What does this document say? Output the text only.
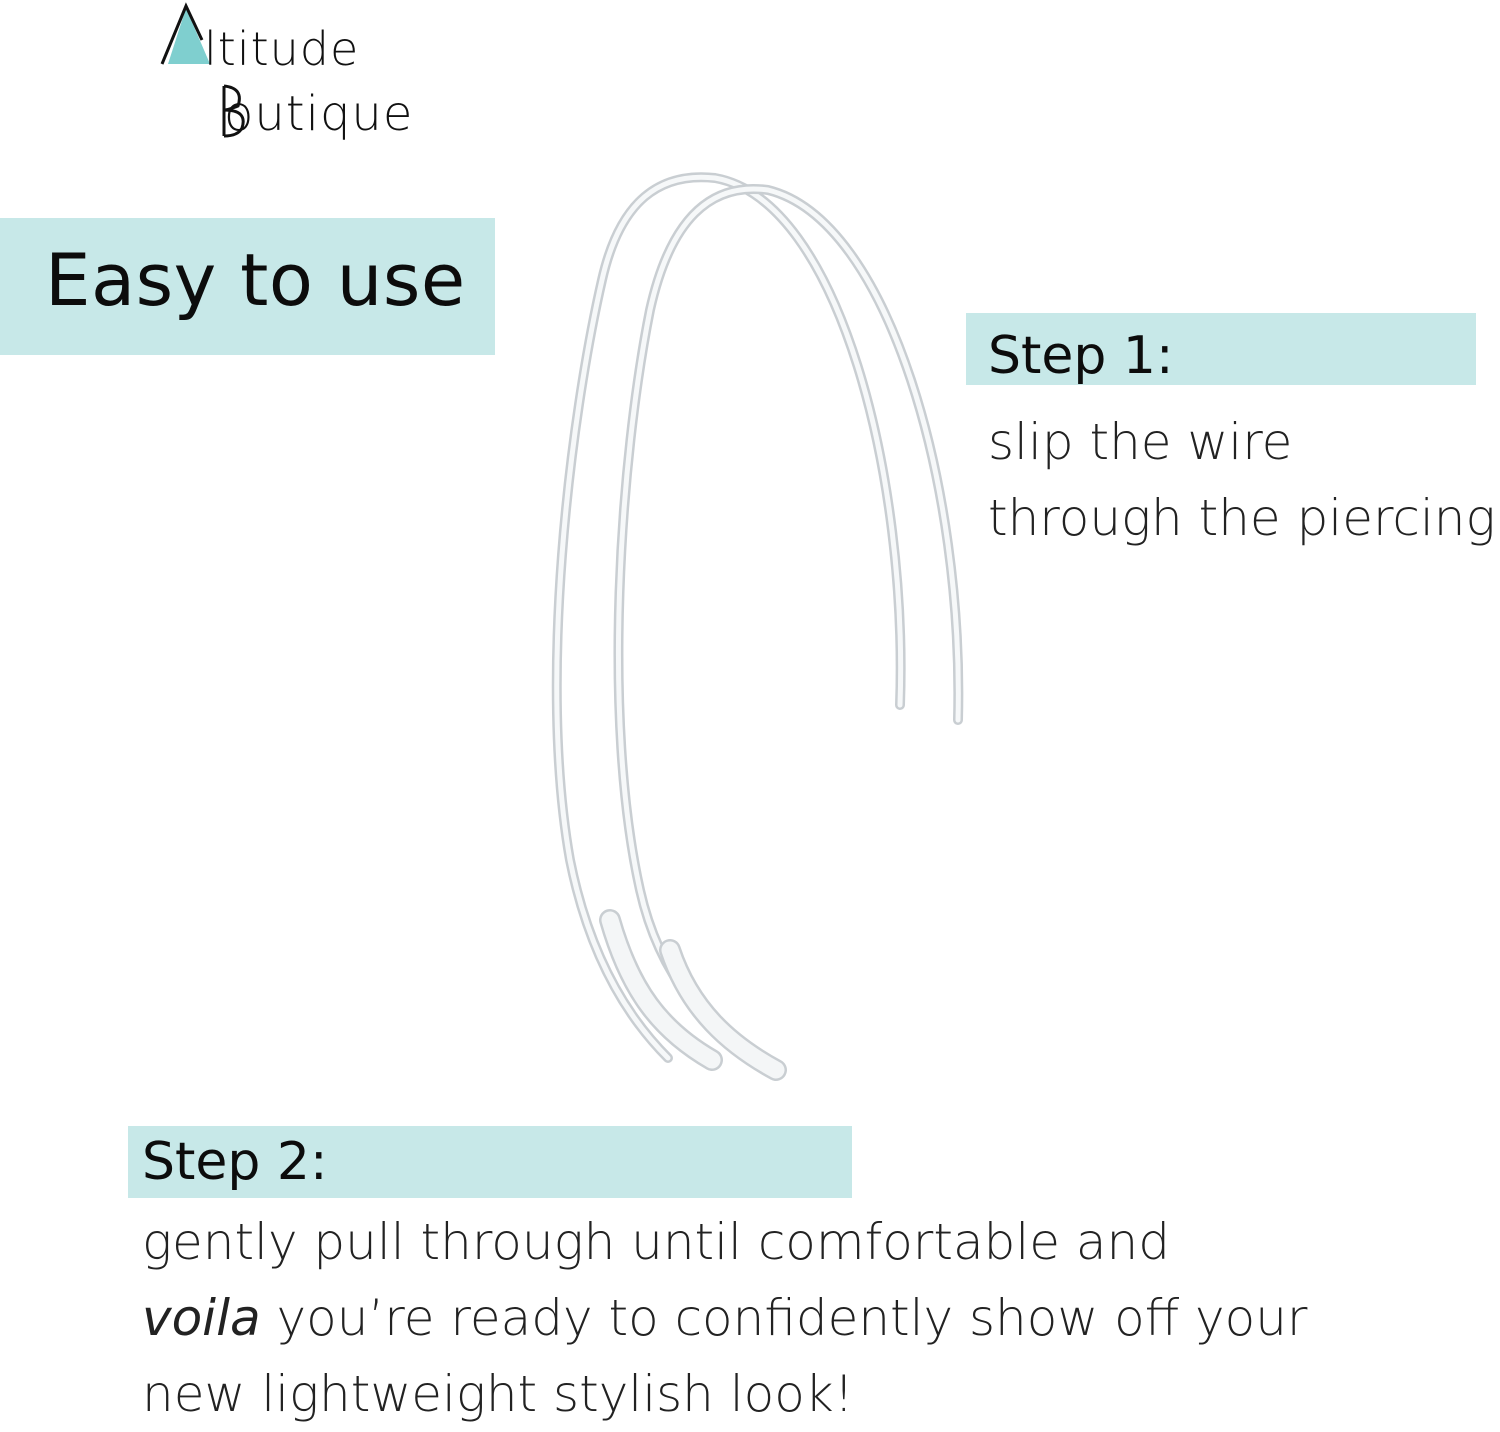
ltitude
outique
Easy to use
Step 1:
slip the wire through the piercing
Step 2:
gently pull through until comfortable and
voila you’re ready to confidently show off your new lightweight stylish look!
